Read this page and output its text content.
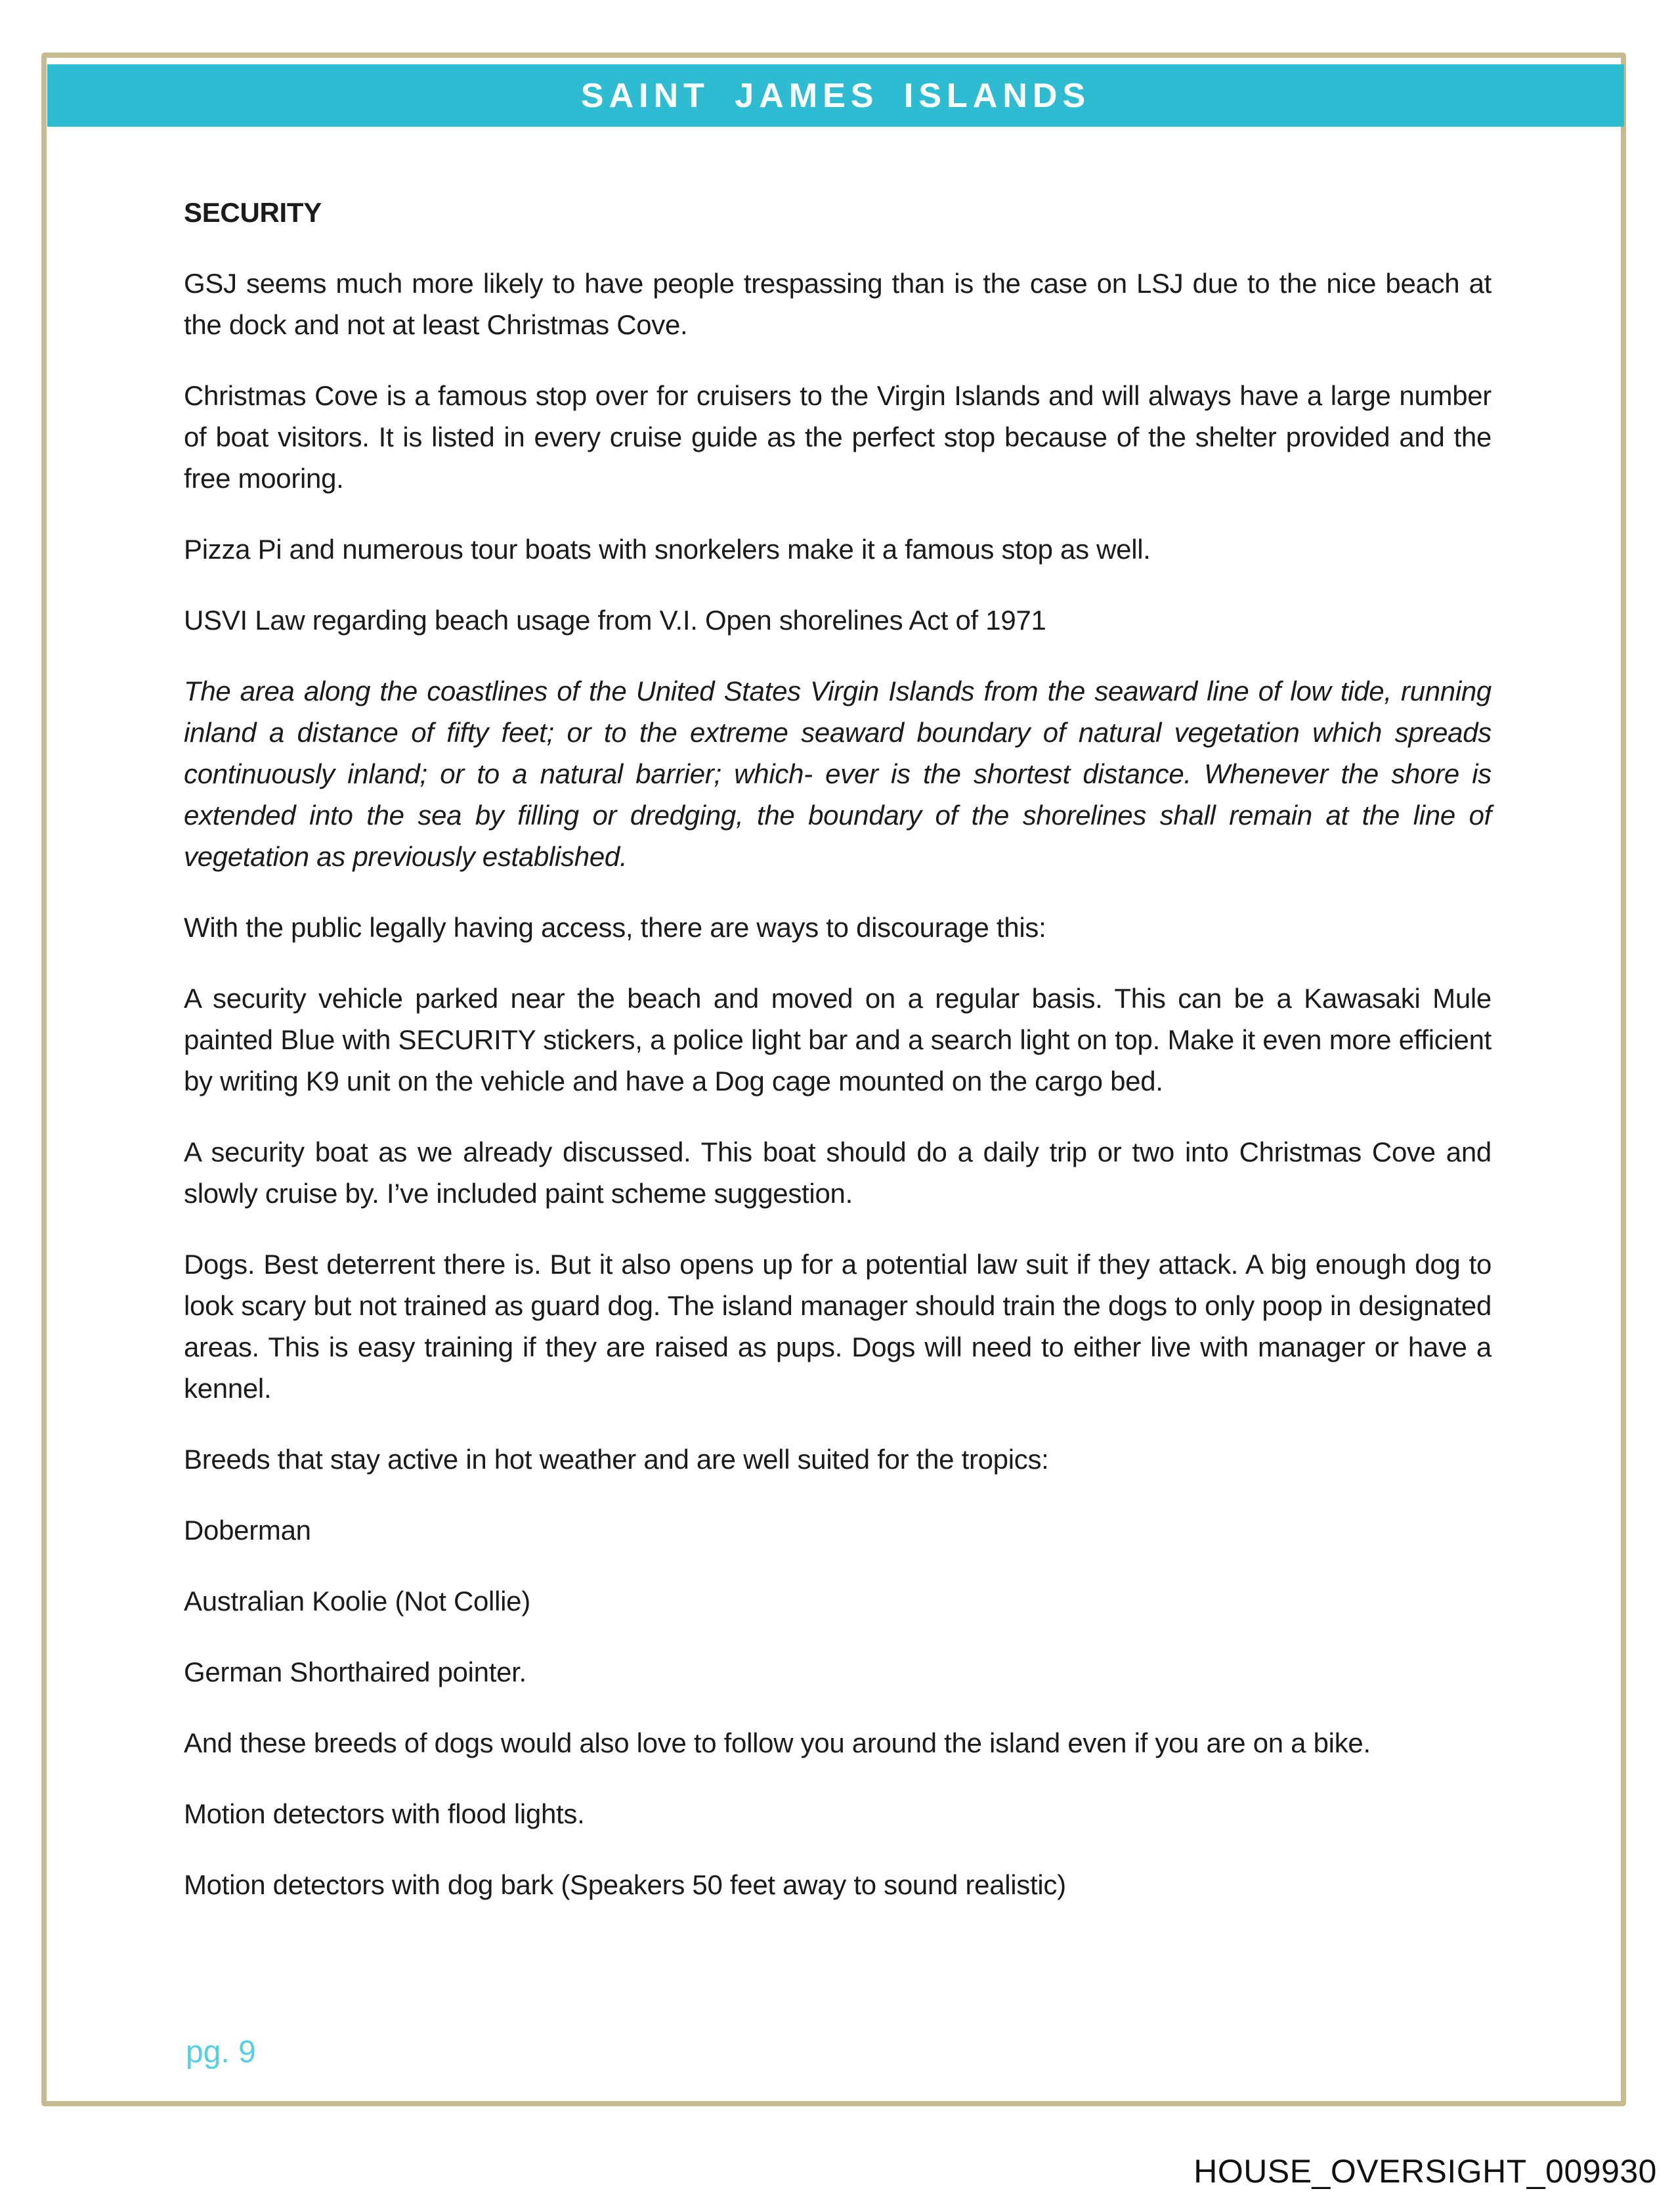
SAINT JAMES ISLANDS

SECURITY

GSJ seems much more likely to have people trespassing than is the case on LSJ due to the nice beach at the dock and not at least Christmas Cove.

Christmas Cove is a famous stop over for cruisers to the Virgin Islands and will always have a large number of boat visitors. It is listed in every cruise guide as the perfect stop because of the shelter provided and the free mooring.

Pizza Pi and numerous tour boats with snorkelers make it a famous stop as well.

USVI Law regarding beach usage from V.I. Open shorelines Act of 1971

The area along the coastlines of the United States Virgin Islands from the seaward line of low tide, running inland a distance of fifty feet; or to the extreme seaward boundary of natural vegetation which spreads continuously inland; or to a natural barrier; which- ever is the shortest distance. Whenever the shore is extended into the sea by filling or dredging, the boundary of the shorelines shall remain at the line of vegetation as previously established.

With the public legally having access, there are ways to discourage this:

A security vehicle parked near the beach and moved on a regular basis. This can be a Kawasaki Mule painted Blue with SECURITY stickers, a police light bar and a search light on top. Make it even more efficient by writing K9 unit on the vehicle and have a Dog cage mounted on the cargo bed.

A security boat as we already discussed. This boat should do a daily trip or two into Christmas Cove and slowly cruise by. I’ve included paint scheme suggestion.

Dogs. Best deterrent there is. But it also opens up for a potential law suit if they attack. A big enough dog to look scary but not trained as guard dog. The island manager should train the dogs to only poop in designated areas. This is easy training if they are raised as pups. Dogs will need to either live with manager or have a kennel.

Breeds that stay active in hot weather and are well suited for the tropics:

Doberman

Australian Koolie (Not Collie)

German Shorthaired pointer.

And these breeds of dogs would also love to follow you around the island even if you are on a bike.

Motion detectors with flood lights.

Motion detectors with dog bark (Speakers 50 feet away to sound realistic)

pg. 9
HOUSE_OVERSIGHT_009930
